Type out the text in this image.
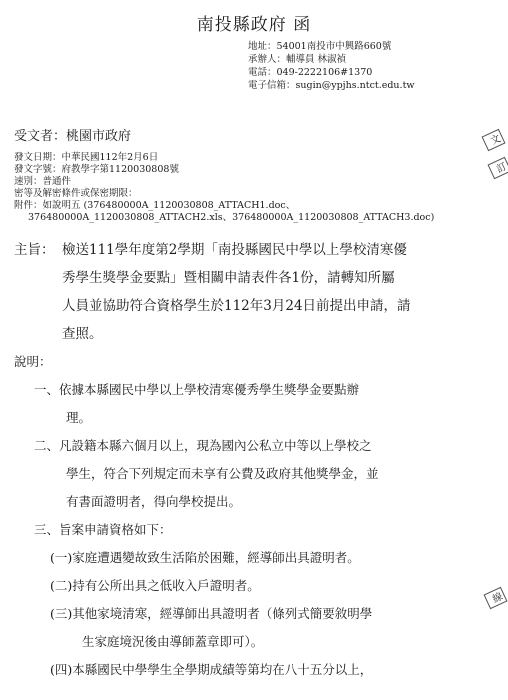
南投縣政府 函
地址：54001南投市中興路660號
承辦人：輔導員 林淑禎
電話：049-2222106#1370
電子信箱：sugin@ypjhs.ntct.edu.tw
受文者：桃園市政府
發文日期：中華民國112年2月6日
發文字號：府教學字第1120030808號
速別：普通件
密等及解密條件或保密期限：
附件：如說明五 (376480000A_1120030808_ATTACH1.doc、
376480000A_1120030808_ATTACH2.xls、376480000A_1120030808_ATTACH3.doc)
主旨： 檢送111學年度第2學期「南投縣國民中學以上學校清寒優
秀學生獎學金要點」暨相關申請表件各1份，請轉知所屬
人員並協助符合資格學生於112年3月24日前提出申請，請
查照。
說明：
一、依據本縣國民中學以上學校清寒優秀學生獎學金要點辦
理。
二、凡設籍本縣六個月以上，現為國內公私立中等以上學校之
學生，符合下列規定而未享有公費及政府其他獎學金，並
有書面證明者，得向學校提出。
三、旨案申請資格如下：
(一)家庭遭遇變故致生活陷於困難，經導師出具證明者。
(二)持有公所出具之低收入戶證明者。
(三)其他家境清寒，經導師出具證明者（條列式簡要敘明學
生家庭境況後由導師蓋章即可）。
(四)本縣國民中學學生全學期成績等第均在八十五分以上，
文
訂
線
